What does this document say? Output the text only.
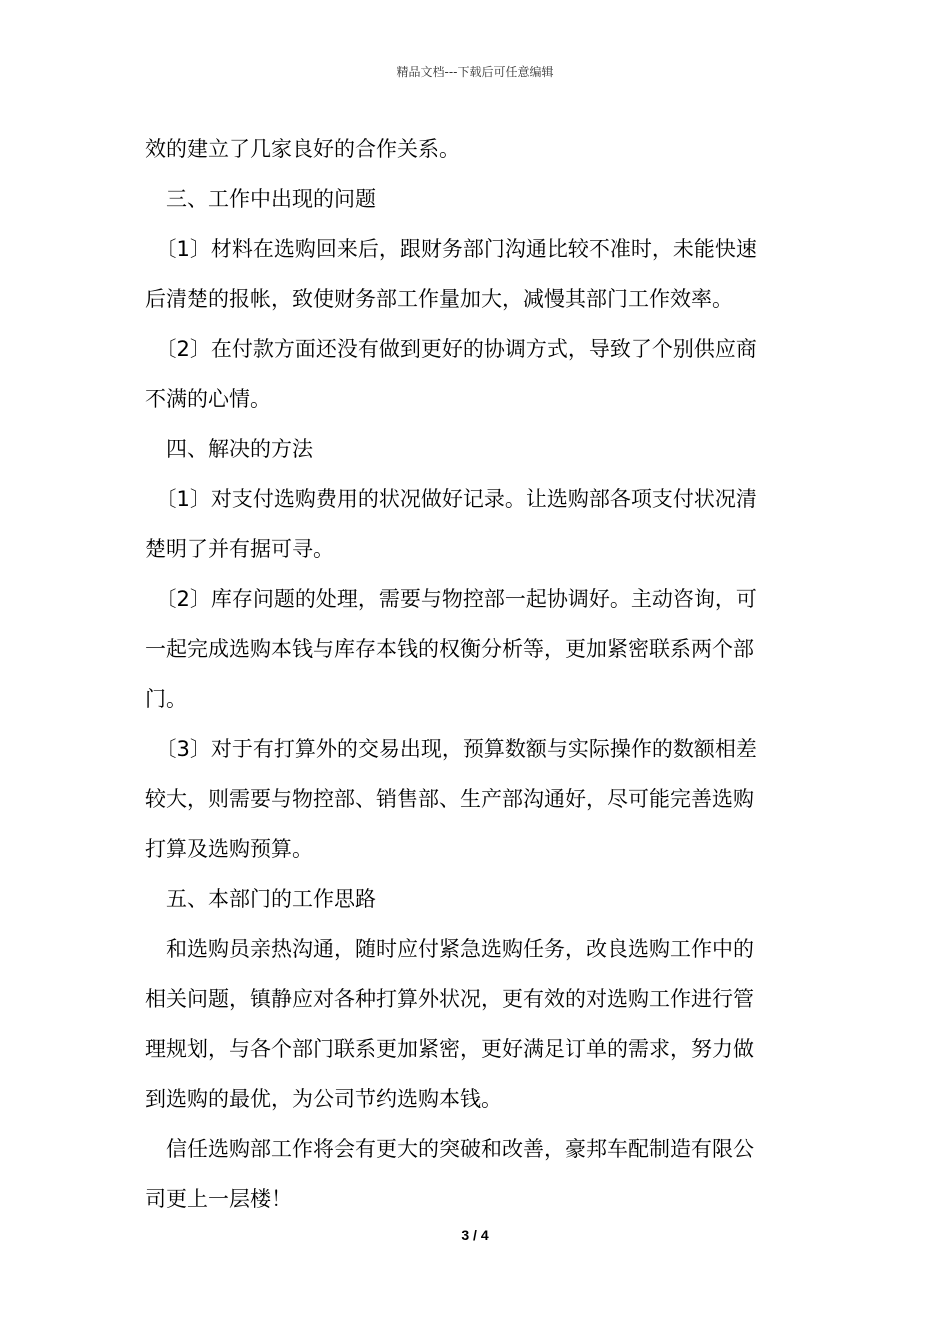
精品文档---下载后可任意编辑

效的建立了几家良好的合作关系。

　三、工作中出现的问题

　〔1〕材料在选购回来后，跟财务部门沟通比较不准时，未能快速
后清楚的报帐，致使财务部工作量加大，减慢其部门工作效率。

　〔2〕在付款方面还没有做到更好的协调方式，导致了个别供应商
不满的心情。

　四、解决的方法

　〔1〕对支付选购费用的状况做好记录。让选购部各项支付状况清
楚明了并有据可寻。

　〔2〕库存问题的处理，需要与物控部一起协调好。主动咨询，可
一起完成选购本钱与库存本钱的权衡分析等，更加紧密联系两个部
门。

　〔3〕对于有打算外的交易出现，预算数额与实际操作的数额相差
较大，则需要与物控部、销售部、生产部沟通好，尽可能完善选购
打算及选购预算。

　五、本部门的工作思路

　和选购员亲热沟通，随时应付紧急选购任务，改良选购工作中的
相关问题，镇静应对各种打算外状况，更有效的对选购工作进行管
理规划，与各个部门联系更加紧密，更好满足订单的需求，努力做
到选购的最优，为公司节约选购本钱。

　信任选购部工作将会有更大的突破和改善，豪邦车配制造有限公
司更上一层楼！

3 / 4
